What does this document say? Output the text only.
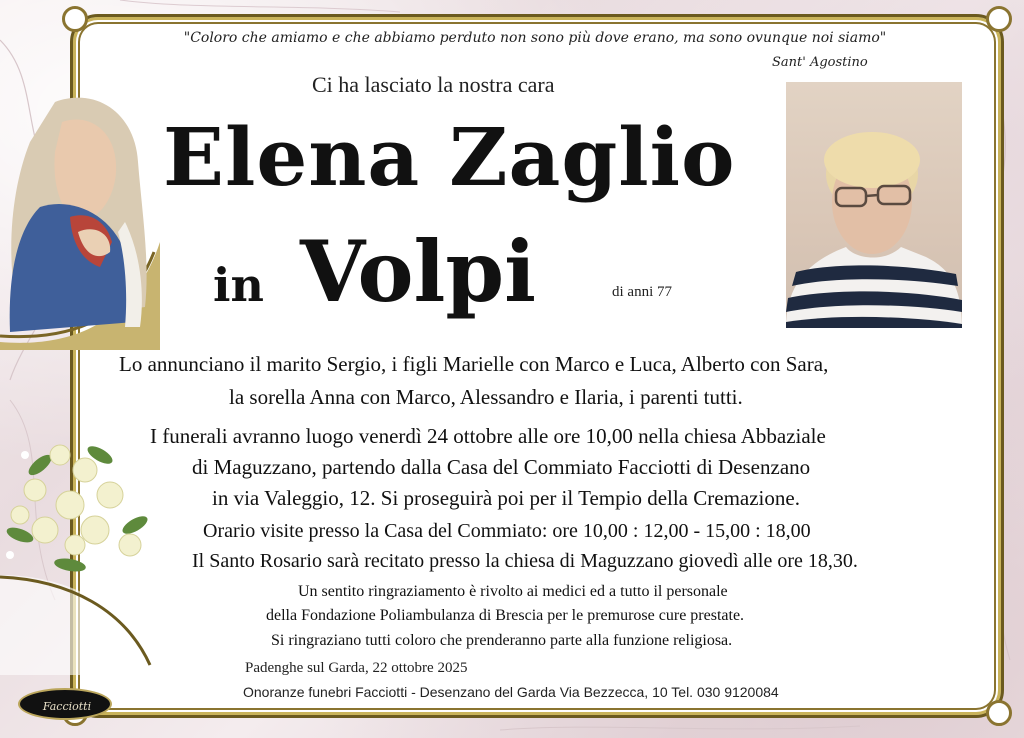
"Coloro che amiamo e che abbiamo perduto non sono più dove erano, ma sono ovunque noi siamo"
Sant' Agostino
Ci ha lasciato la nostra cara
Elena Zaglio
in Volpi	di anni 77
Lo annunciano il marito Sergio, i figli Marielle con Marco e Luca, Alberto con Sara,
la sorella Anna con Marco, Alessandro e Ilaria, i parenti tutti.
I funerali avranno luogo venerdì 24 ottobre alle ore 10,00 nella chiesa Abbaziale
di Maguzzano, partendo dalla Casa del Commiato Facciotti di Desenzano
in via Valeggio, 12. Si proseguirà poi per il Tempio della Cremazione.
Orario visite presso la Casa del Commiato: ore 10,00 : 12,00 - 15,00 : 18,00
Il Santo Rosario sarà recitato presso la chiesa di Maguzzano giovedì alle ore 18,30.
Un sentito ringraziamento è rivolto ai medici ed a tutto il personale
della Fondazione Poliambulanza di Brescia per le premurose cure prestate.
Si ringraziano tutti coloro che prenderanno parte alla funzione religiosa.
Padenghe sul Garda, 22 ottobre 2025
Onoranze funebri Facciotti - Desenzano del Garda Via Bezzecca, 10 Tel. 030 9120084
Facciotti
